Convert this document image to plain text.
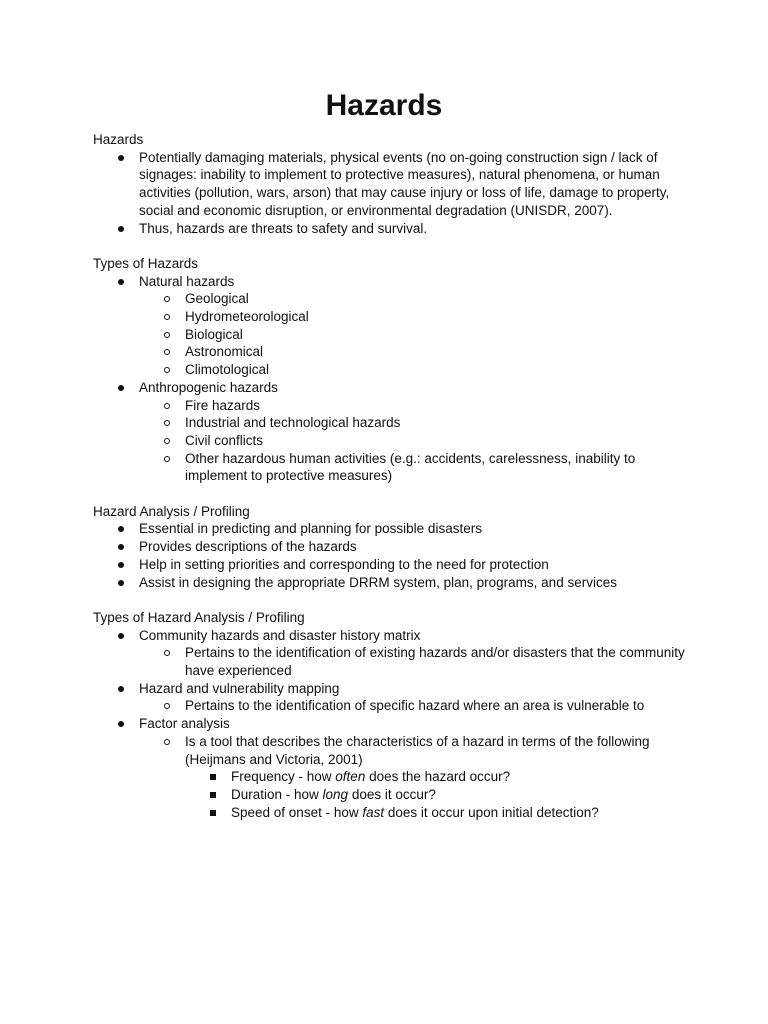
Hazards

Hazards

Potentially damaging materials, physical events (no on-going construction sign / lack of signages: inability to implement to protective measures), natural phenomena, or human activities (pollution, wars, arson) that may cause injury or loss of life, damage to property, social and economic disruption, or environmental degradation (UNISDR, 2007).
Thus, hazards are threats to safety and survival.

Types of Hazards

Natural hazards
Geological
Hydrometeorological
Biological
Astronomical
Climotological
Anthropogenic hazards
Fire hazards
Industrial and technological hazards
Civil conflicts
Other hazardous human activities (e.g.: accidents, carelessness, inability to implement to protective measures)

Hazard Analysis / Profiling

Essential in predicting and planning for possible disasters
Provides descriptions of the hazards
Help in setting priorities and corresponding to the need for protection
Assist in designing the appropriate DRRM system, plan, programs, and services

Types of Hazard Analysis / Profiling

Community hazards and disaster history matrix
Pertains to the identification of existing hazards and/or disasters that the community have experienced
Hazard and vulnerability mapping
Pertains to the identification of specific hazard where an area is vulnerable to
Factor analysis
Is a tool that describes the characteristics of a hazard in terms of the following (Heijmans and Victoria, 2001)
Frequency - how often does the hazard occur?
Duration - how long does it occur?
Speed of onset - how fast does it occur upon initial detection?
